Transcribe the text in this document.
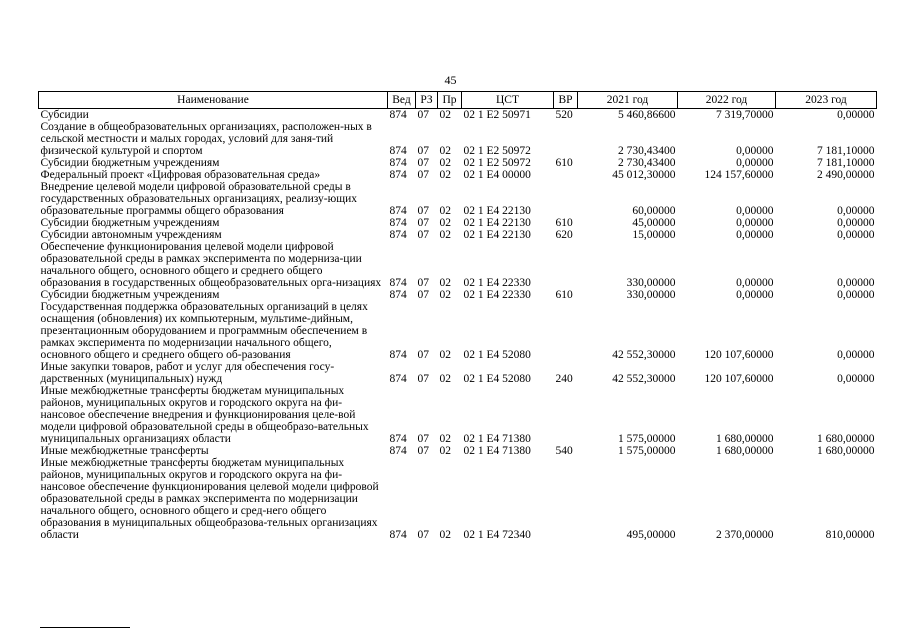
45
Наименование	Вед	РЗ	Пр	ЦСТ	ВР	2021 год	2022 год	2023 год
Субсидии	874	07	02	02 1 E2 50971	520	5 460,86600	7 319,70000	0,00000
Создание в общеобразовательных организациях, расположен-ных в сельской местности и малых городах, условий для заня-тий физической культурой и спортом	874	07	02	02 1 E2 50972		2 730,43400	0,00000	7 181,10000
Субсидии бюджетным учреждениям	874	07	02	02 1 E2 50972	610	2 730,43400	0,00000	7 181,10000
Федеральный проект «Цифровая образовательная среда»	874	07	02	02 1 E4 00000		45 012,30000	124 157,60000	2 490,00000
Внедрение целевой модели цифровой образовательной среды в государственных образовательных организациях, реализу-ющих образовательные программы общего образования	874	07	02	02 1 E4 22130		60,00000	0,00000	0,00000
Субсидии бюджетным учреждениям	874	07	02	02 1 E4 22130	610	45,00000	0,00000	0,00000
Субсидии автономным учреждениям	874	07	02	02 1 E4 22130	620	15,00000	0,00000	0,00000
Обеспечение функционирования целевой модели цифровой образовательной среды в рамках эксперимента по модерниза-ции начального общего, основного общего и среднего общего образования в государственных общеобразовательных орга-низациях	874	07	02	02 1 E4 22330		330,00000	0,00000	0,00000
Субсидии бюджетным учреждениям	874	07	02	02 1 E4 22330	610	330,00000	0,00000	0,00000
Государственная поддержка образовательных организаций в целях оснащения (обновления) их компьютерным, мультиме-дийным, презентационным оборудованием и программным обеспечением в рамках эксперимента по модернизации начального общего, основного общего и среднего общего об-разования	874	07	02	02 1 E4 52080		42 552,30000	120 107,60000	0,00000
Иные закупки товаров, работ и услуг для обеспечения госу-дарственных (муниципальных) нужд	874	07	02	02 1 E4 52080	240	42 552,30000	120 107,60000	0,00000
Иные межбюджетные трансферты бюджетам муниципальных районов, муниципальных округов и городского округа на фи-нансовое обеспечение внедрения и функционирования целе-вой модели цифровой образовательной среды в общеобразо-вательных муниципальных организациях области	874	07	02	02 1 E4 71380		1 575,00000	1 680,00000	1 680,00000
Иные межбюджетные трансферты	874	07	02	02 1 E4 71380	540	1 575,00000	1 680,00000	1 680,00000
Иные межбюджетные трансферты бюджетам муниципальных районов, муниципальных округов и городского округа на фи-нансовое обеспечение функционирования целевой модели цифровой образовательной среды в рамках эксперимента по модернизации начального общего, основного общего и сред-него общего образования в муниципальных общеобразова-тельных организациях области	874	07	02	02 1 E4 72340		495,00000	2 370,00000	810,00000
